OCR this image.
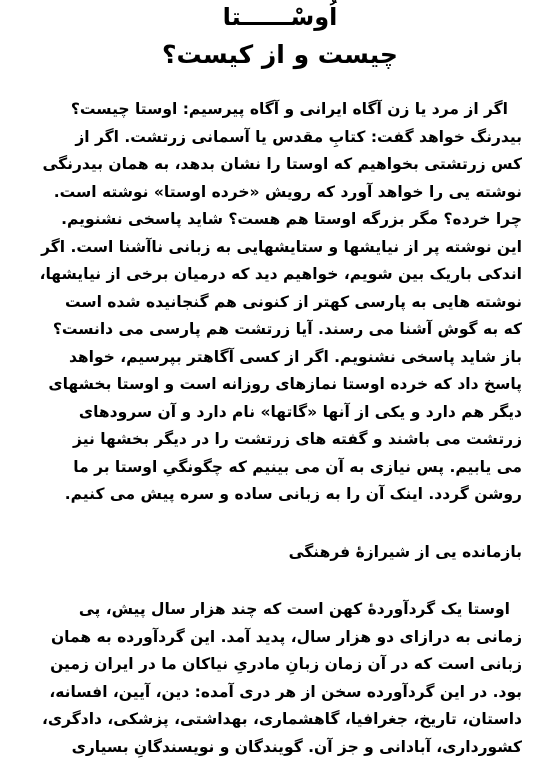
اُوسْــــــتا
چیست و از کیست؟
اگر از مرد یا زن آگاه ایرانی و آگاه پیرسیم: اوستا چیست؟
بیدرنگ خواهد گفت: کتابِ مقدس یا آسمانی زرتشت. اگر از
کس زرتشتی بخواهیم که اوستا را نشان بدهد، به همان بیدرنگی
نوشته یی را خواهد آورد که رویش «خرده اوستا» نوشته است.
چرا خرده؟ مگر بزرگه اوستا هم هست؟ شاید پاسخی نشنویم.
این نوشته پر از نیایشها و ستایشهایی به زبانی ناآشنا است. اگر
اندکی باریک بین شویم، خواهیم دید که درمیان برخی از نیایشها،
نوشته هایی به پارسی کهتر از کنونی هم گنجانیده شده است
که به گوش آشنا می رسند. آیا زرتشت هم پارسی می دانست؟
باز شاید پاسخی نشنویم. اگر از کسی آگاهتر بپرسیم، خواهد
پاسخ داد که خرده اوستا نمازهای روزانه است و اوستا بخشهای
دیگر هم دارد و یکی از آنها «گاتها» نام دارد و آن سرودهای
زرتشت می باشند و گفته های زرتشت را در دیگر بخشها نیز
می یابیم. پس نیازی به آن می بینیم که چگونگیِ اوستا بر ما
روشن گردد. اینک آن را به زبانی ساده و سره پیش می کنیم.
بازمانده یی از شیرازهٔ فرهنگی
اوستا یک گردآوردهٔ کهن است که چند هزار سال پیش، پی
زمانی به درازای دو هزار سال، پدید آمد. این گردآورده به همان
زبانی است که در آن زمان زبانِ مادریِ نیاکان ما در ایران زمین
بود. در این گردآورده سخن از هر دری آمده: دین، آیین، افسانه،
داستان، تاریخ، جغرافیا، گاهشماری، بهداشتی، پزشکی، دادگری،
کشورداری، آبادانی و جز آن. گویندگان و نویسندگانِ بسیاری
